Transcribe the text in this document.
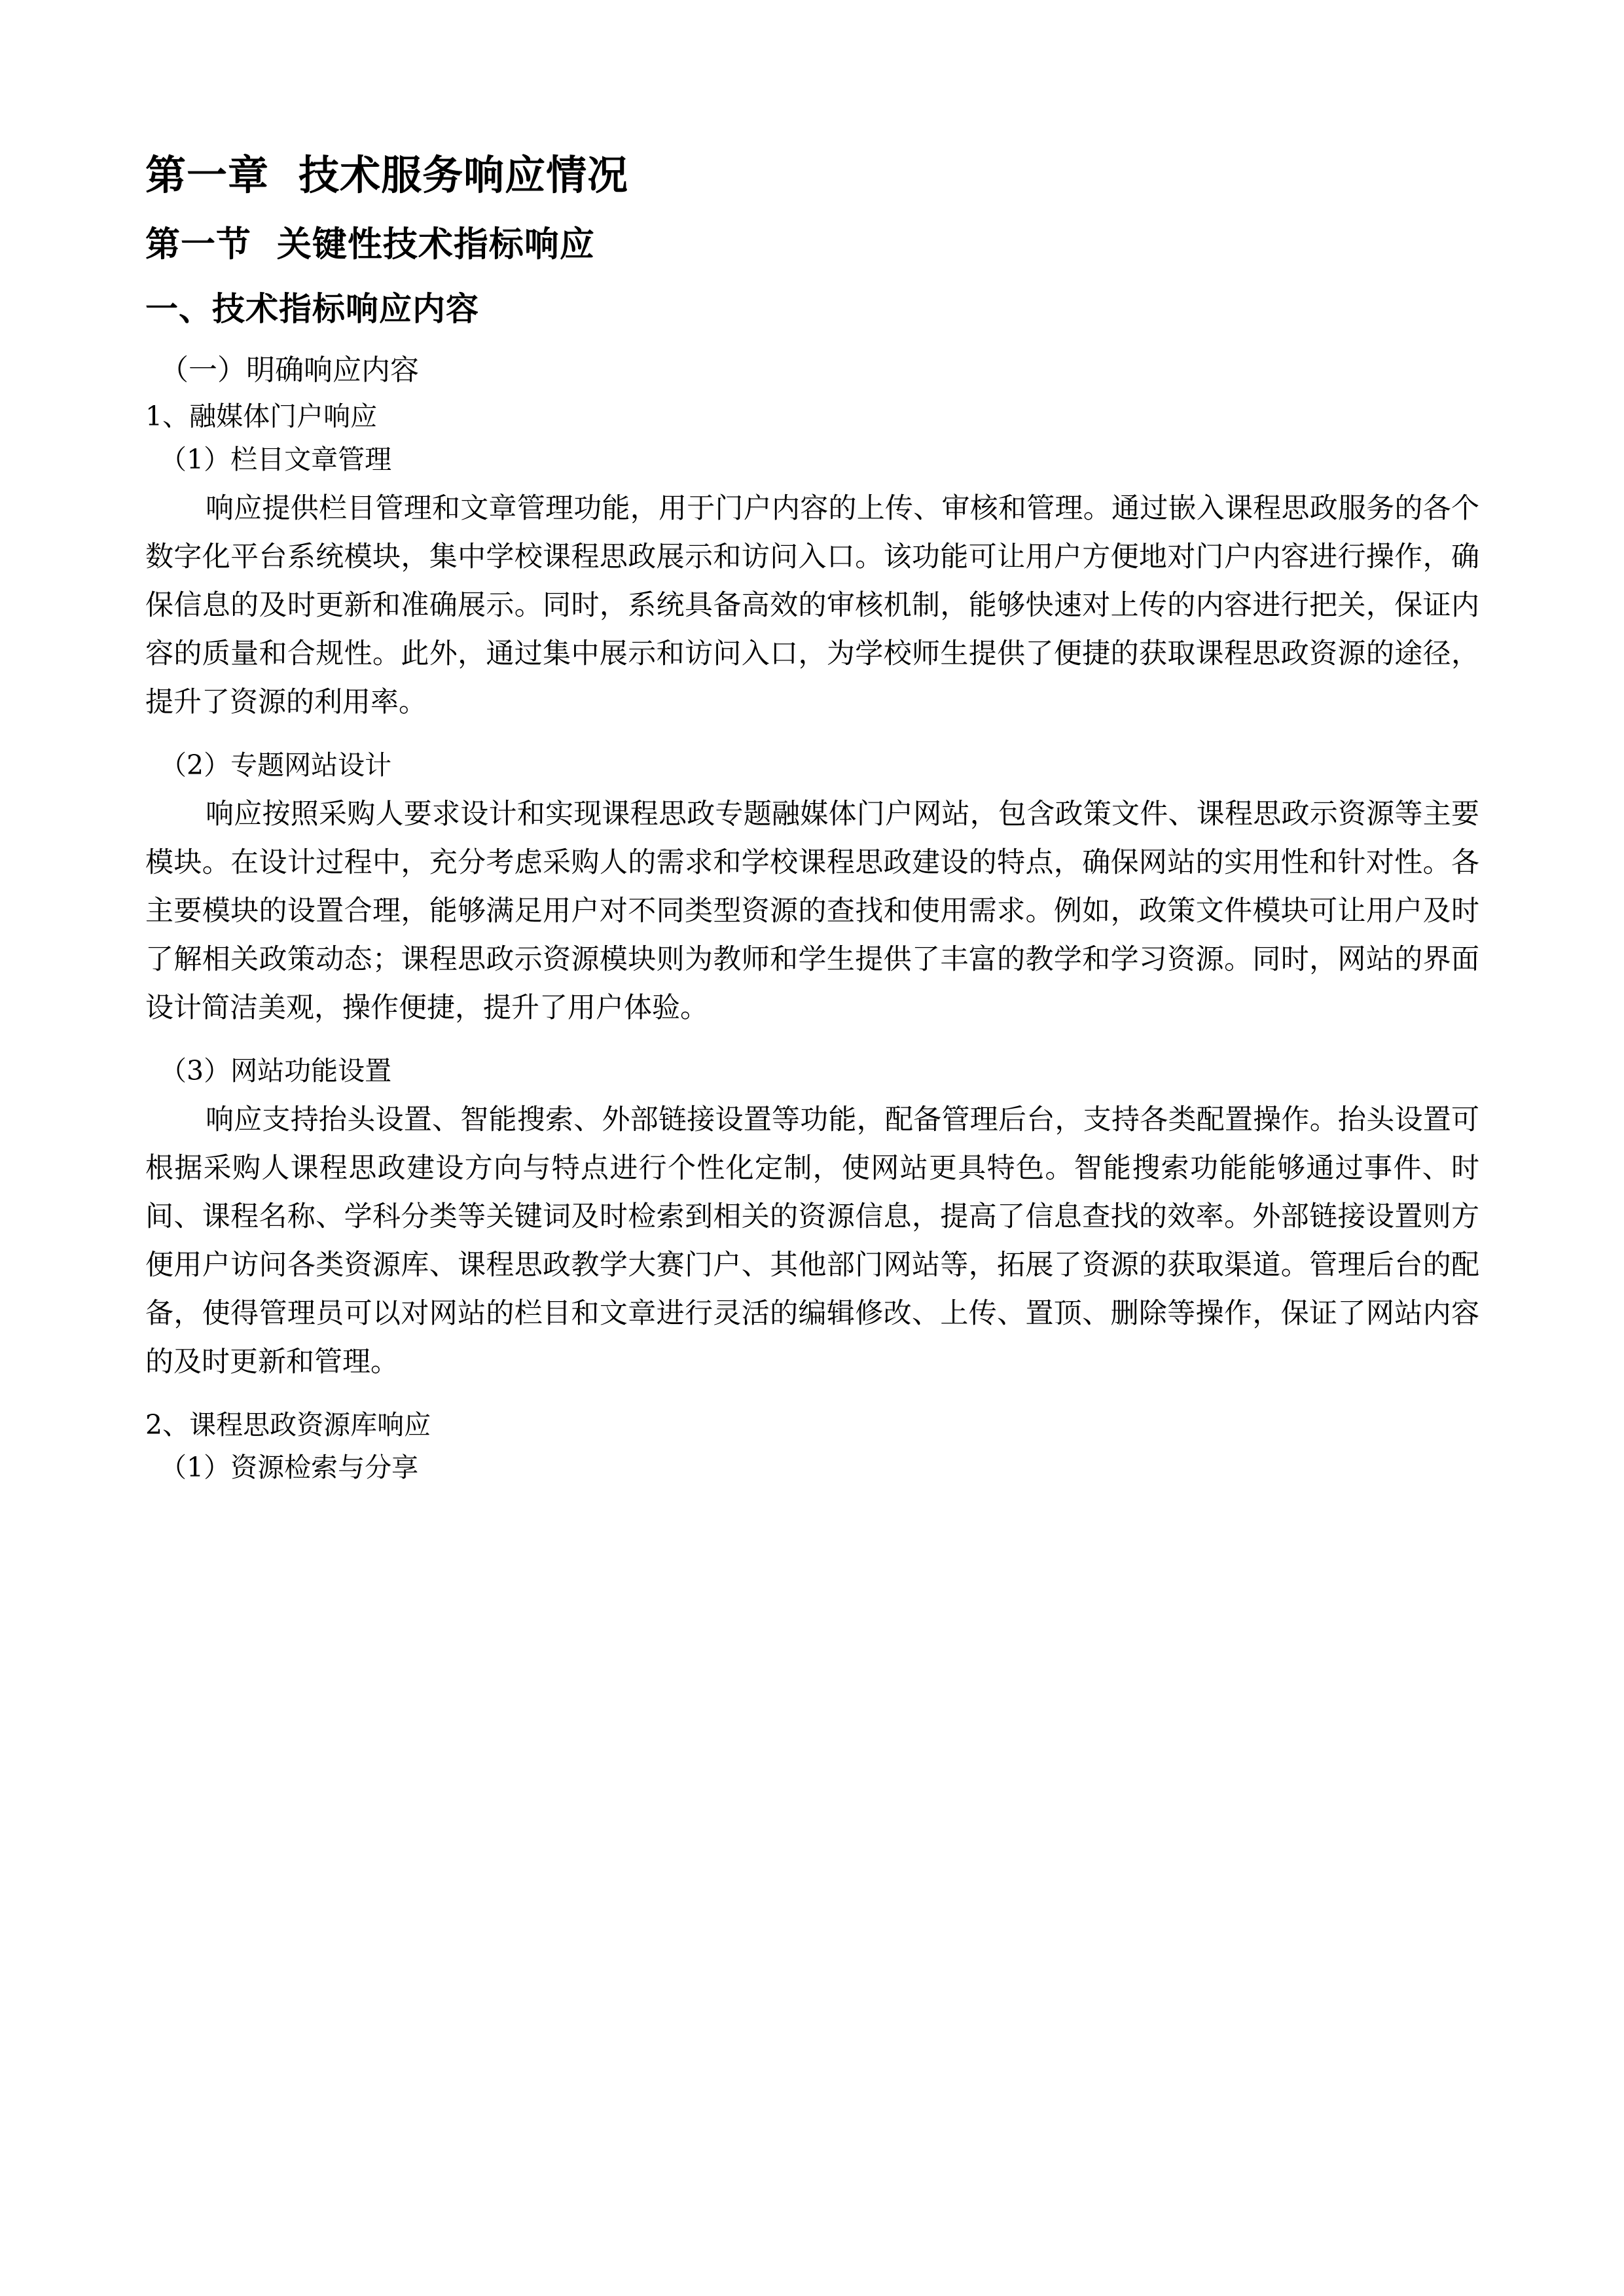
第一章  技术服务响应情况
第一节  关键性技术指标响应
一、技术指标响应内容

（一）明确响应内容

1、融媒体门户响应

（1）栏目文章管理

响应提供栏目管理和文章管理功能，用于门户内容的上传、审核和管理。通过嵌入课程思政服务的各个数字化平台系统模块，集中学校课程思政展示和访问入口。该功能可让用户方便地对门户内容进行操作，确保信息的及时更新和准确展示。同时，系统具备高效的审核机制，能够快速对上传的内容进行把关，保证内容的质量和合规性。此外，通过集中展示和访问入口，为学校师生提供了便捷的获取课程思政资源的途径，提升了资源的利用率。

（2）专题网站设计

响应按照采购人要求设计和实现课程思政专题融媒体门户网站，包含政策文件、课程思政示资源等主要模块。在设计过程中，充分考虑采购人的需求和学校课程思政建设的特点，确保网站的实用性和针对性。各主要模块的设置合理，能够满足用户对不同类型资源的查找和使用需求。例如，政策文件模块可让用户及时了解相关政策动态；课程思政示资源模块则为教师和学生提供了丰富的教学和学习资源。同时，网站的界面设计简洁美观，操作便捷，提升了用户体验。

（3）网站功能设置

响应支持抬头设置、智能搜索、外部链接设置等功能，配备管理后台，支持各类配置操作。抬头设置可根据采购人课程思政建设方向与特点进行个性化定制，使网站更具特色。智能搜索功能能够通过事件、时间、课程名称、学科分类等关键词及时检索到相关的资源信息，提高了信息查找的效率。外部链接设置则方便用户访问各类资源库、课程思政教学大赛门户、其他部门网站等，拓展了资源的获取渠道。管理后台的配备，使得管理员可以对网站的栏目和文章进行灵活的编辑修改、上传、置顶、删除等操作，保证了网站内容的及时更新和管理。

2、课程思政资源库响应

（1）资源检索与分享
